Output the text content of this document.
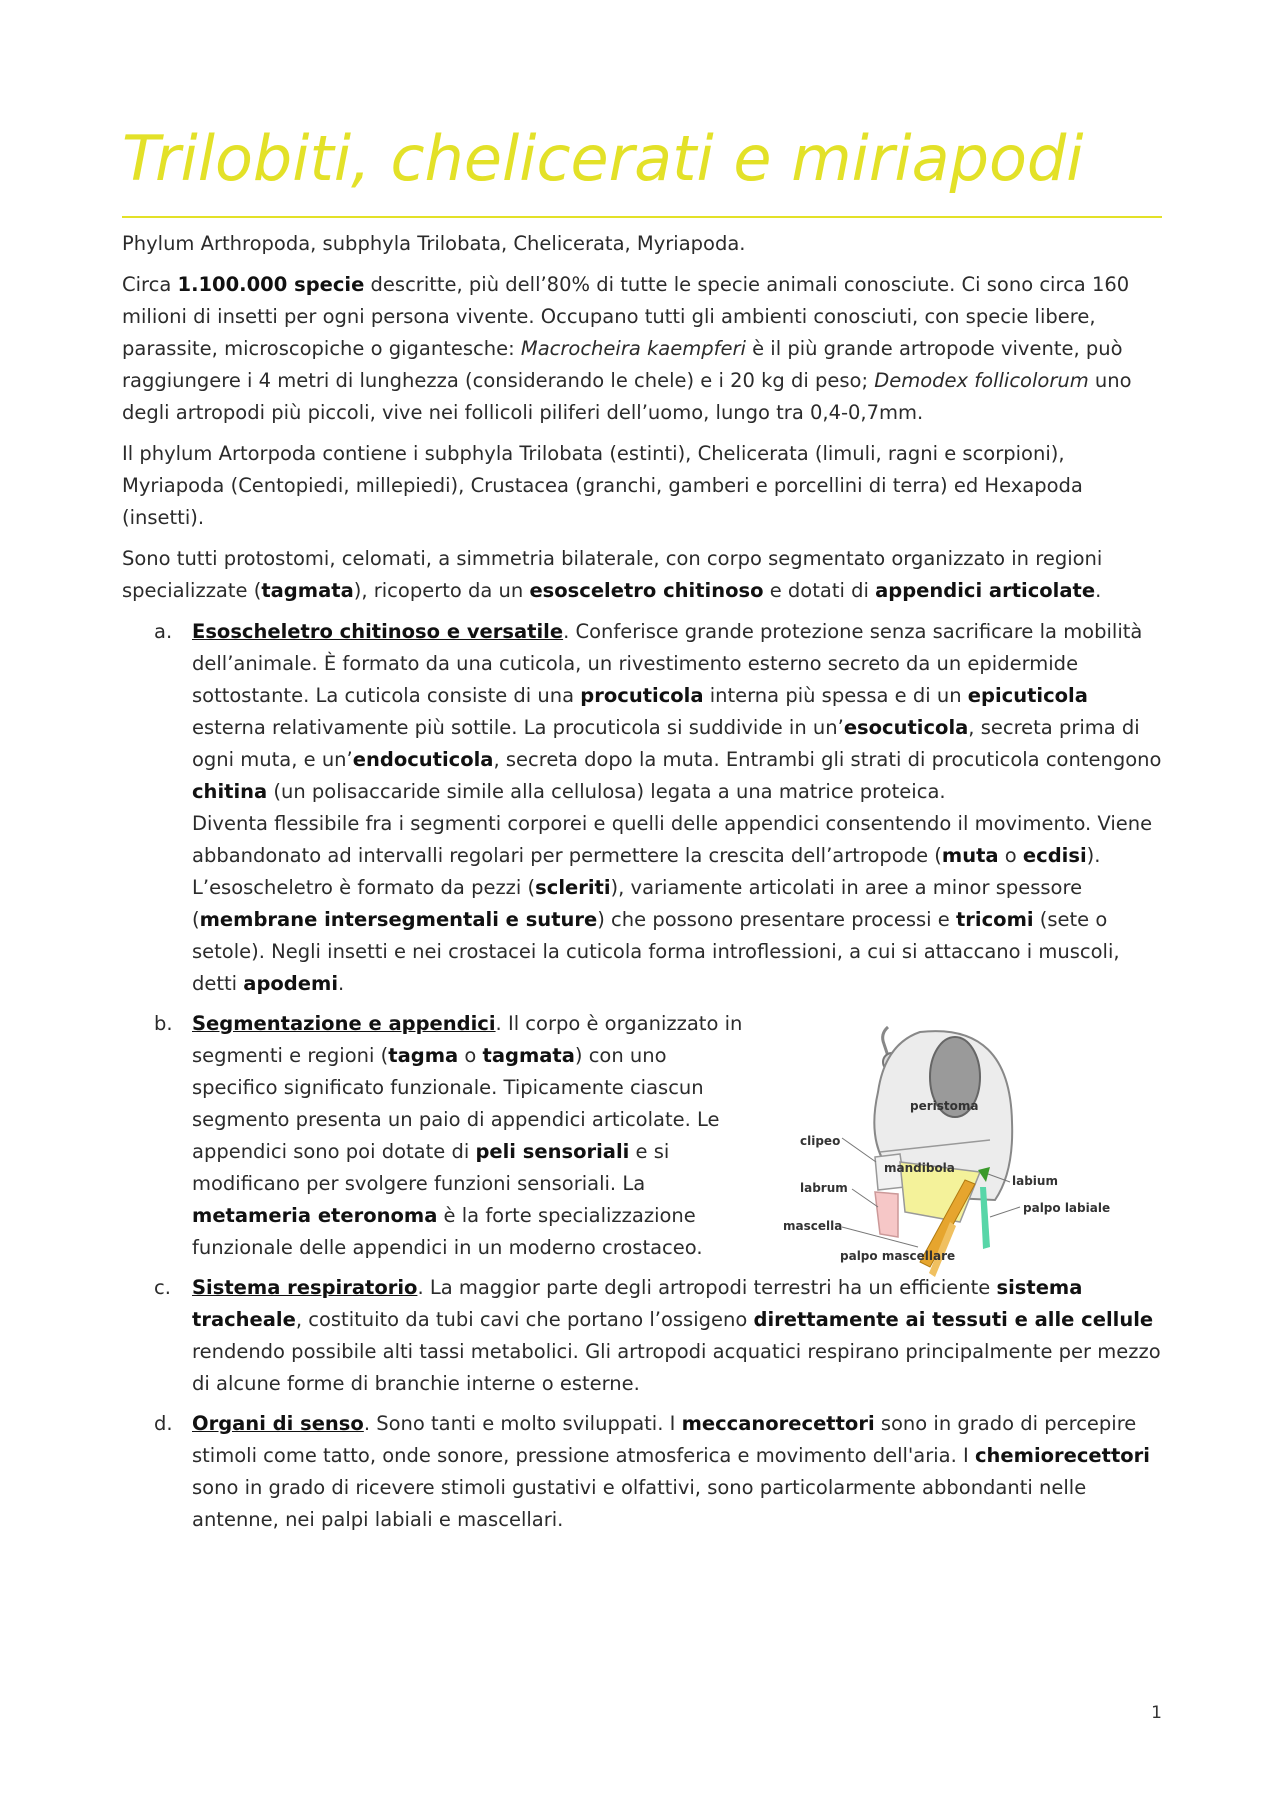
Trilobiti, chelicerati e miriapodi

Phylum Arthropoda, subphyla Trilobata, Chelicerata, Myriapoda.

Circa 1.100.000 specie descritte, più dell’80% di tutte le specie animali conosciute. Ci sono circa 160 milioni di insetti per ogni persona vivente. Occupano tutti gli ambienti conosciuti, con specie libere, parassite, microscopiche o gigantesche: Macrocheira kaempferi è il più grande artropode vivente, può raggiungere i 4 metri di lunghezza (considerando le chele) e i 20 kg di peso; Demodex follicolorum uno degli artropodi più piccoli, vive nei follicoli piliferi dell’uomo, lungo tra 0,4-0,7mm.

Il phylum Artorpoda contiene i subphyla Trilobata (estinti), Chelicerata (limuli, ragni e scorpioni), Myriapoda (Centopiedi, millepiedi), Crustacea (granchi, gamberi e porcellini di terra) ed Hexapoda (insetti).

Sono tutti protostomi, celomati, a simmetria bilaterale, con corpo segmentato organizzato in regioni specializzate (tagmata), ricoperto da un esosceletro chitinoso e dotati di appendici articolate.

a. Esoscheletro chitinoso e versatile. Conferisce grande protezione senza sacrificare la mobilità dell’animale. È formato da una cuticola, un rivestimento esterno secreto da un epidermide sottostante. La cuticola consiste di una procuticola interna più spessa e di un epicuticola esterna relativamente più sottile. La procuticola si suddivide in un’esocuticola, secreta prima di ogni muta, e un’endocuticola, secreta dopo la muta. Entrambi gli strati di procuticola contengono chitina (un polisaccaride simile alla cellulosa) legata a una matrice proteica.

Diventa flessibile fra i segmenti corporei e quelli delle appendici consentendo il movimento. Viene abbandonato ad intervalli regolari per permettere la crescita dell’artropode (muta o ecdisi).

L’esoscheletro è formato da pezzi (scleriti), variamente articolati in aree a minor spessore (membrane intersegmentali e suture) che possono presentare processi e tricomi (sete o setole). Negli insetti e nei crostacei la cuticola forma introflessioni, a cui si attaccano i muscoli, detti apodemi.

b. Segmentazione e appendici. Il corpo è organizzato in segmenti e regioni (tagma o tagmata) con uno specifico significato funzionale. Tipicamente ciascun segmento presenta un paio di appendici articolate. Le appendici sono poi dotate di peli sensoriali e si modificano per svolgere funzioni sensoriali. La metameria eteronoma è la forte specializzazione funzionale delle appendici in un moderno crostaceo.

c. Sistema respiratorio. La maggior parte degli artropodi terrestri ha un efficiente sistema tracheale, costituito da tubi cavi che portano l’ossigeno direttamente ai tessuti e alle cellule rendendo possibile alti tassi metabolici. Gli artropodi acquatici respirano principalmente per mezzo di alcune forme di branchie interne o esterne.

d. Organi di senso. Sono tanti e molto sviluppati. I meccanorecettori sono in grado di percepire stimoli come tatto, onde sonore, pressione atmosferica e movimento dell'aria. I chemiorecettori sono in grado di ricevere stimoli gustativi e olfattivi, sono particolarmente abbondanti nelle antenne, nei palpi labiali e mascellari.

peristoma
clipeo
mandibola
labium
labrum
palpo labiale
mascella
palpo mascellare
1
